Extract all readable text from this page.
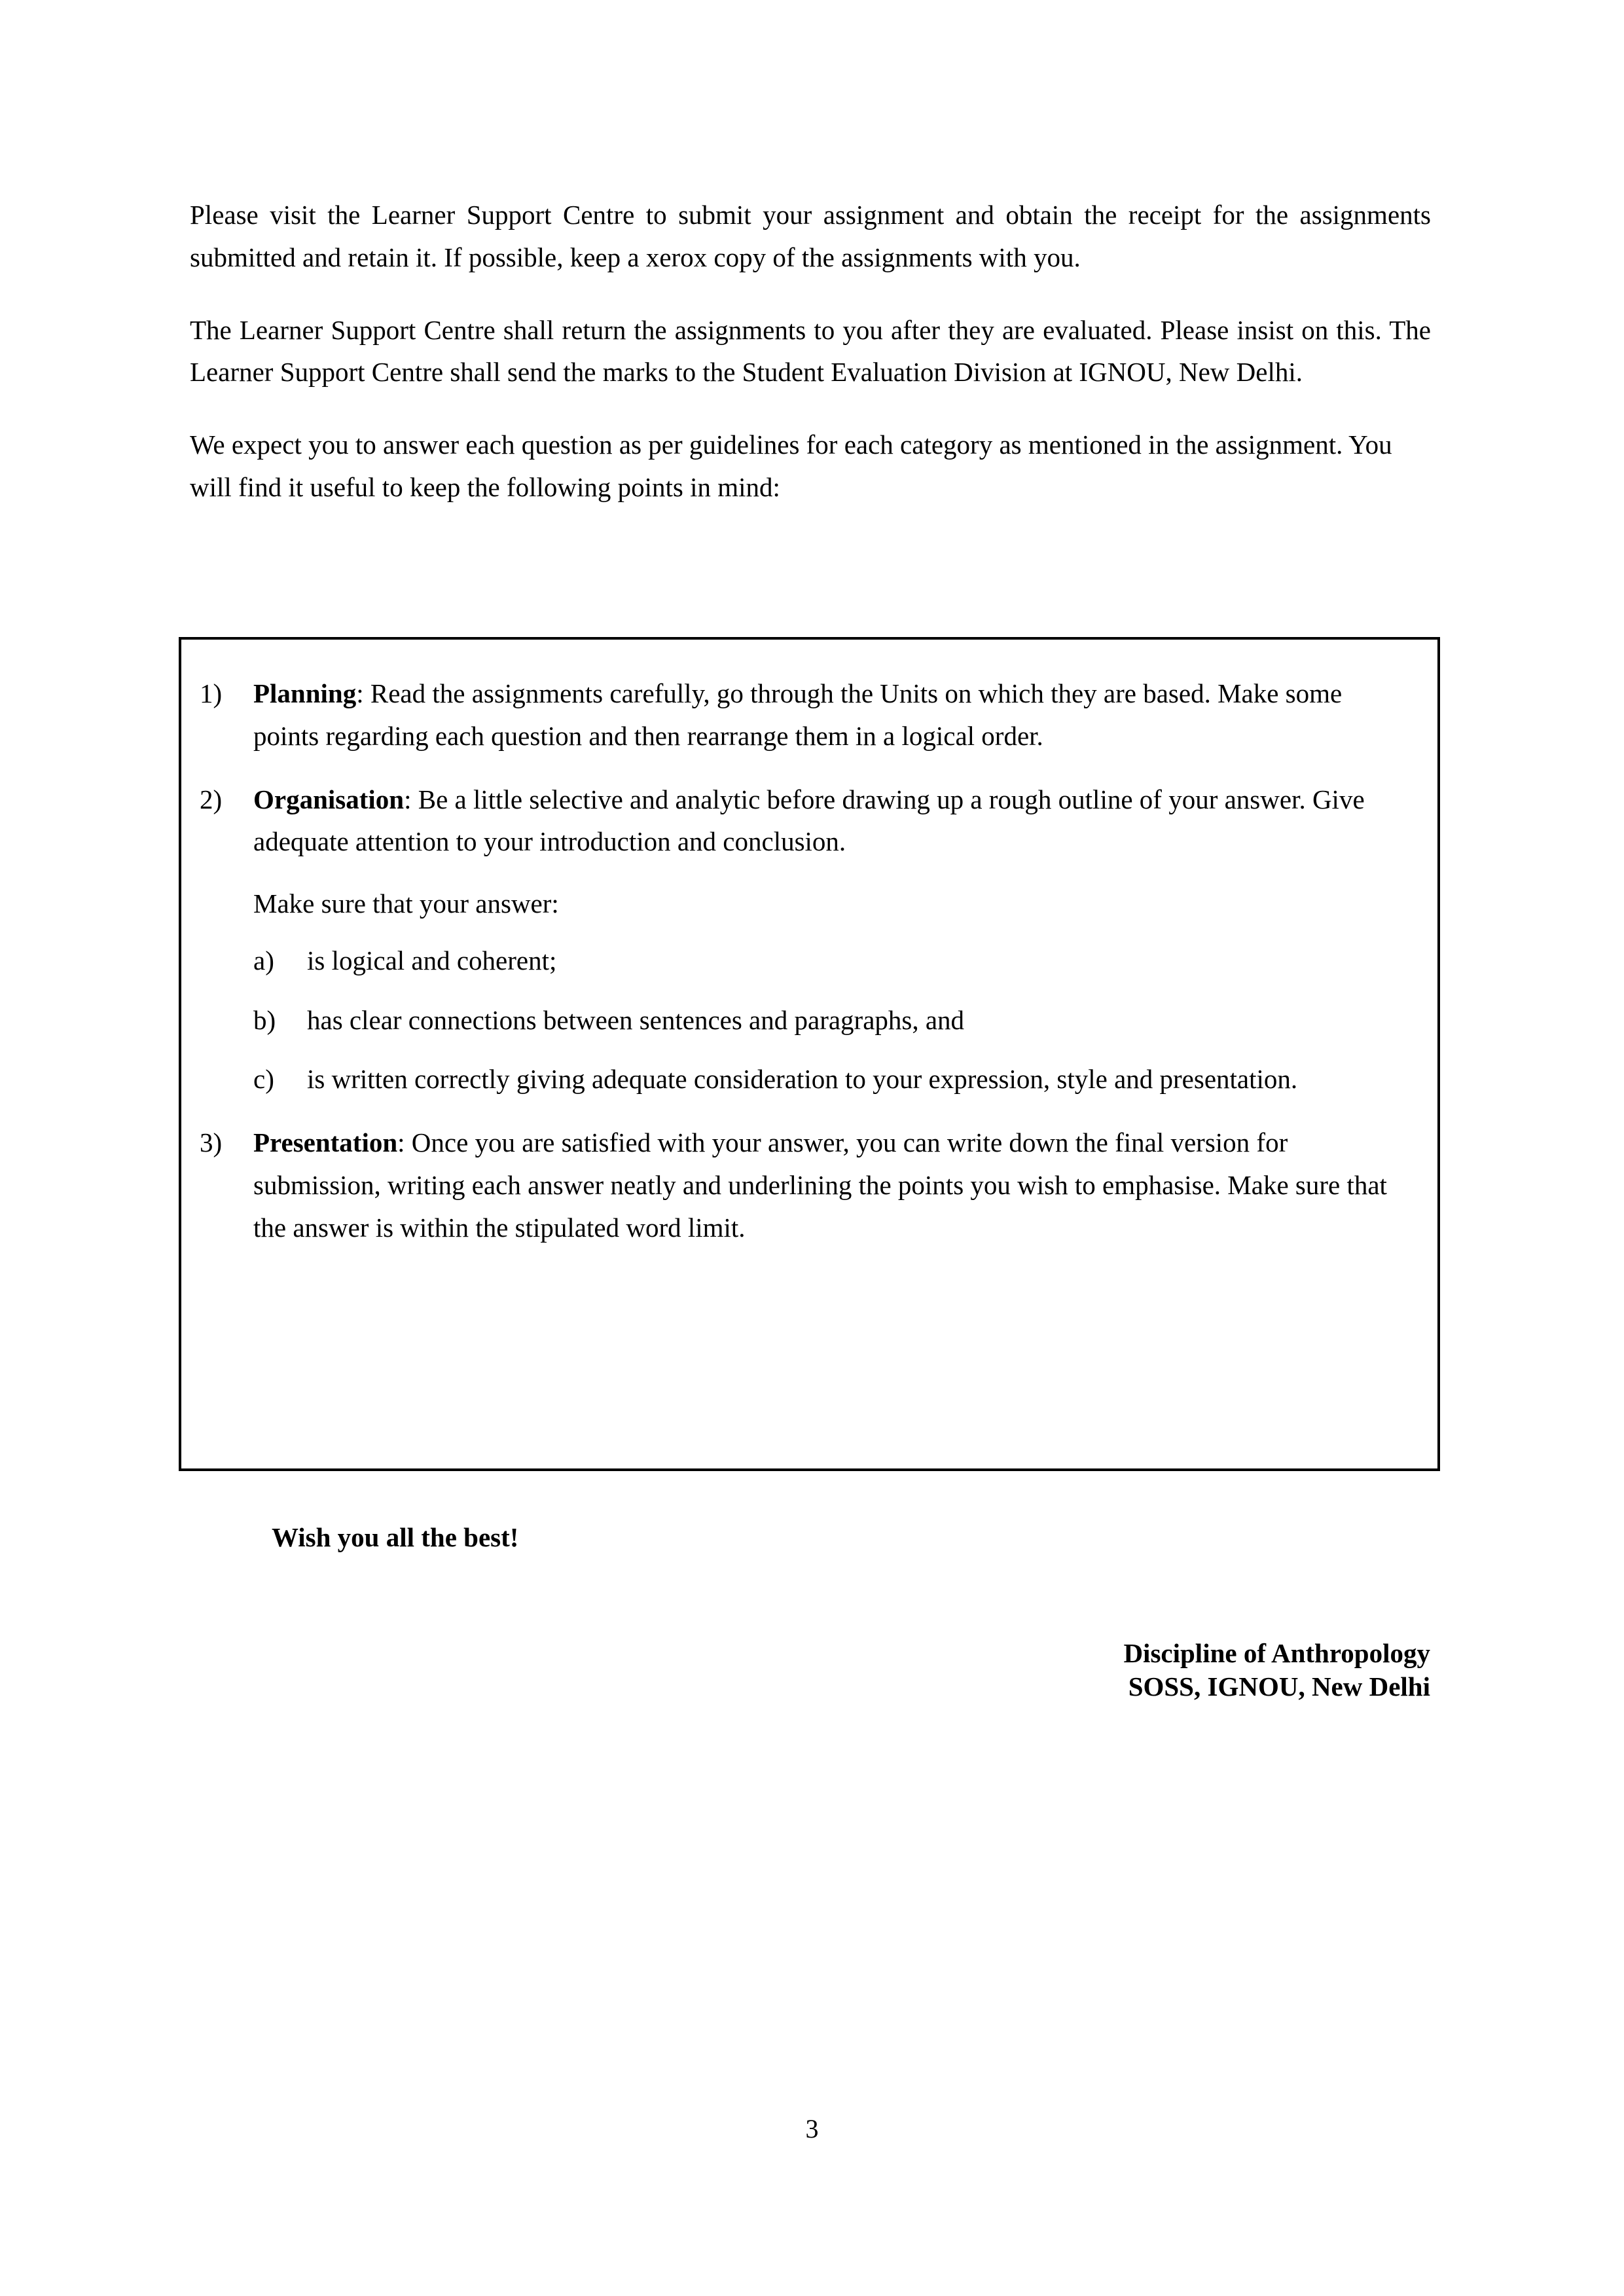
Please visit the Learner Support Centre to submit your assignment and obtain the receipt for the assignments submitted and retain it. If possible, keep a xerox copy of the assignments with you.

The Learner Support Centre shall return the assignments to you after they are evaluated. Please insist on this. The Learner Support Centre shall send the marks to the Student Evaluation Division at IGNOU, New Delhi.

We expect you to answer each question as per guidelines for each category as mentioned in the assignment. You will find it useful to keep the following points in mind:

1)	Planning: Read the assignments carefully, go through the Units on which they are based. Make some points regarding each question and then rearrange them in a logical order.
2)	Organisation: Be a little selective and analytic before drawing up a rough outline of your answer. Give adequate attention to your introduction and conclusion.
Make sure that your answer:
a)	is logical and coherent;
b)	has clear connections between sentences and paragraphs, and
c)	is written correctly giving adequate consideration to your expression, style and presentation.
3)	Presentation: Once you are satisfied with your answer, you can write down the final version for submission, writing each answer neatly and underlining the points you wish to emphasise. Make sure that the answer is within the stipulated word limit.
Wish you all the best!
Discipline of Anthropology
SOSS, IGNOU, New Delhi
3
